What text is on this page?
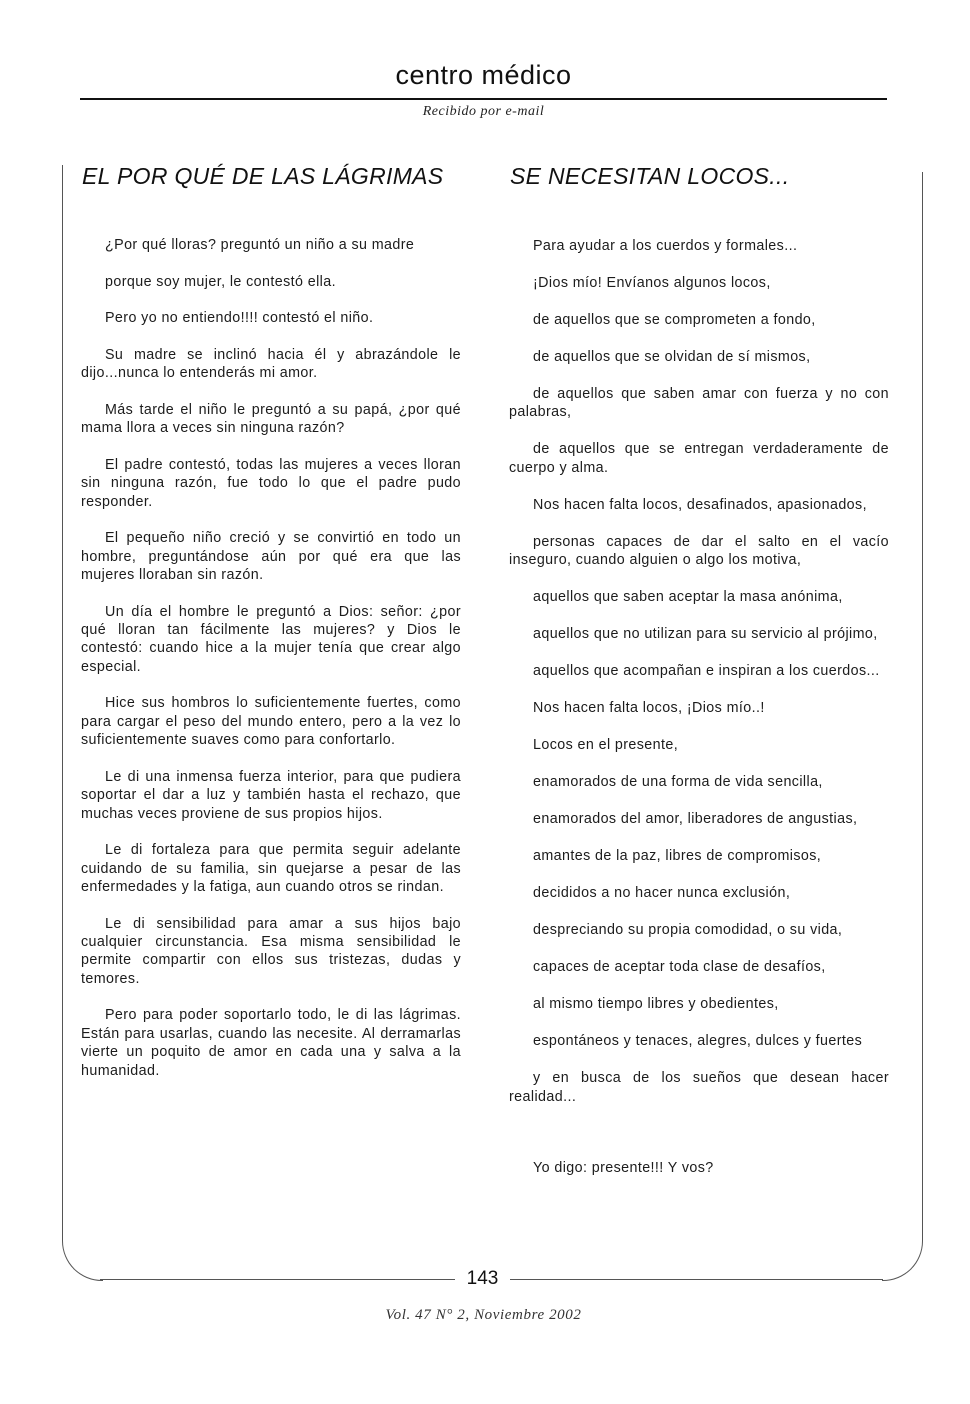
centro médico
Recibido por e-mail
EL POR QUÉ DE LAS LÁGRIMAS	SE NECESITAN LOCOS...

¿Por qué lloras? preguntó un niño a su madre

porque soy mujer, le contestó ella.

Pero yo no entiendo!!!! contestó el niño.

Su madre se inclinó hacia él y abrazándole le dijo...nunca lo entenderás mi amor.

Más tarde el niño le preguntó a su papá, ¿por qué mama llora a veces sin ninguna razón?

El padre contestó, todas las mujeres a veces lloran sin ninguna razón, fue todo lo que el padre pudo responder.

El pequeño niño creció y se convirtió en todo un hombre, preguntándose aún por qué era que las mujeres lloraban sin razón.

Un día el hombre le preguntó a Dios: señor: ¿por qué lloran tan fácilmente las mujeres? y Dios le contestó: cuando hice a la mujer tenía que crear algo especial.

Hice sus hombros lo suficientemente fuertes, como para cargar el peso del mundo entero, pero a la vez lo suficientemente suaves como para confortarlo.

Le di una inmensa fuerza interior, para que pudiera soportar el dar a luz y también hasta el rechazo, que muchas veces proviene de sus propios hijos.

Le di fortaleza para que permita seguir adelante cuidando de su familia, sin quejarse a pesar de las enfermedades y la fatiga, aun cuando otros se rindan.

Le di sensibilidad para amar a sus hijos bajo cualquier circunstancia. Esa misma sensibilidad le permite compartir con ellos sus tristezas, dudas y temores.

Pero para poder soportarlo todo, le di las lágrimas. Están para usarlas, cuando las necesite. Al derramarlas vierte un poquito de amor en cada una y salva a la humanidad.

Para ayudar a los cuerdos y formales...

¡Dios mío! Envíanos algunos locos,

de aquellos que se comprometen a fondo,

de aquellos que se olvidan de sí mismos,

de aquellos que saben amar con fuerza y no con palabras,

de aquellos que se entregan verdaderamente de cuerpo y alma.

Nos hacen falta locos, desafinados, apasionados,

personas capaces de dar el salto en el vacío inseguro, cuando alguien o algo los motiva,

aquellos que saben aceptar la masa anónima,

aquellos que no utilizan para su servicio al prójimo,

aquellos que acompañan e inspiran a los cuerdos...

Nos hacen falta locos, ¡Dios mío..!

Locos en el presente,

enamorados de una forma de vida sencilla,

enamorados del amor, liberadores de angustias,

amantes de la paz, libres de compromisos,

decididos a no hacer nunca exclusión,

despreciando su propia comodidad, o su vida,

capaces de aceptar toda clase de desafíos,

al mismo tiempo libres y obedientes,

espontáneos y tenaces, alegres, dulces y fuertes

y en busca de los sueños que desean hacer realidad...

Yo digo: presente!!! Y vos?

143
Vol. 47 N° 2, Noviembre 2002
